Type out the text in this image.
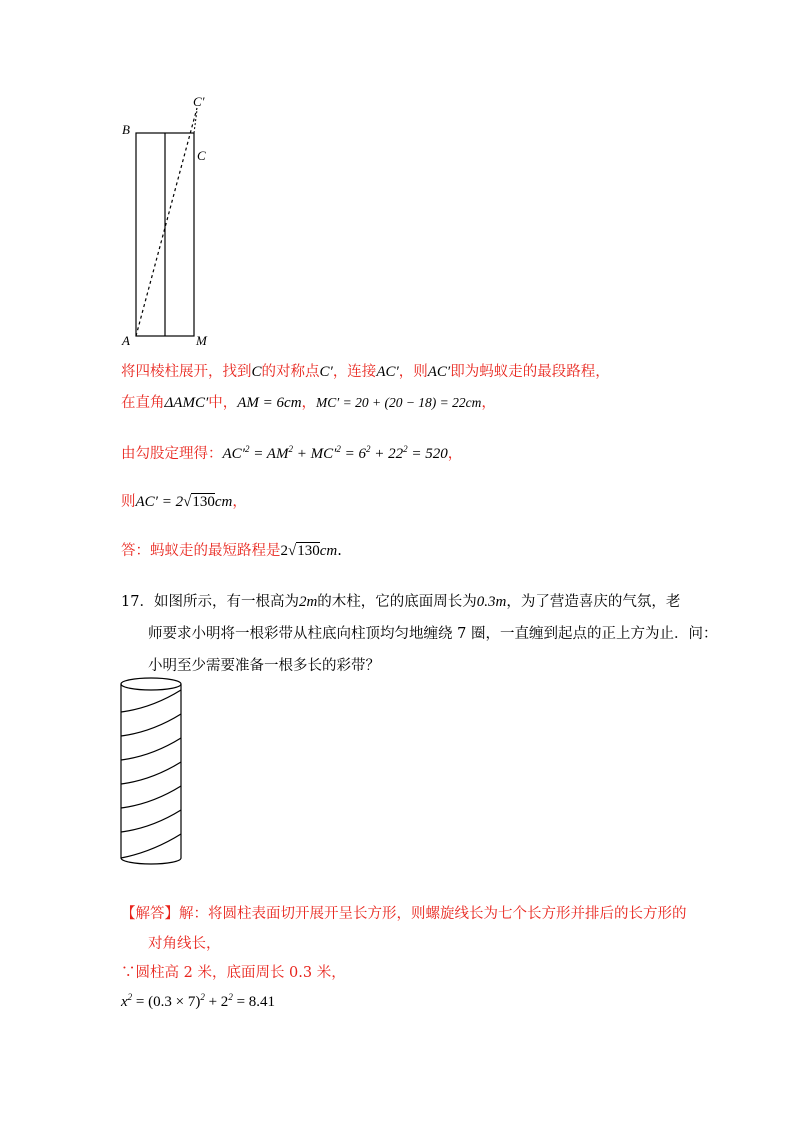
B
C′
C
A	M
将四棱柱展开，找到C的对称点C′，连接AC′，则AC′即为蚂蚁走的最段路程，
在直角ΔAMC′中，AM = 6cm，MC′ = 20 + (20 − 18) = 22cm，
由勾股定理得：$AC'^2 = AM^2 + MC'^2 = 6^2 + 22^2 = 520$，
则AC′ = 2√130cm，
答：蚂蚁走的最短路程是2√130cm.
17．如图所示，有一根高为2m的木柱，它的底面周长为0.3m，为了营造喜庆的气氛，老
师要求小明将一根彩带从柱底向柱顶均匀地缠绕 7 圈，一直缠到起点的正上方为止．问：
小明至少需要准备一根多长的彩带？
【解答】解：将圆柱表面切开展开呈长方形，则螺旋线长为七个长方形并排后的长方形的
对角线长，
∵圆柱高 2 米，底面周长 0.3 米，
$x^2 = (0.3 \times 7)^2 + 2^2 = 8.41$
